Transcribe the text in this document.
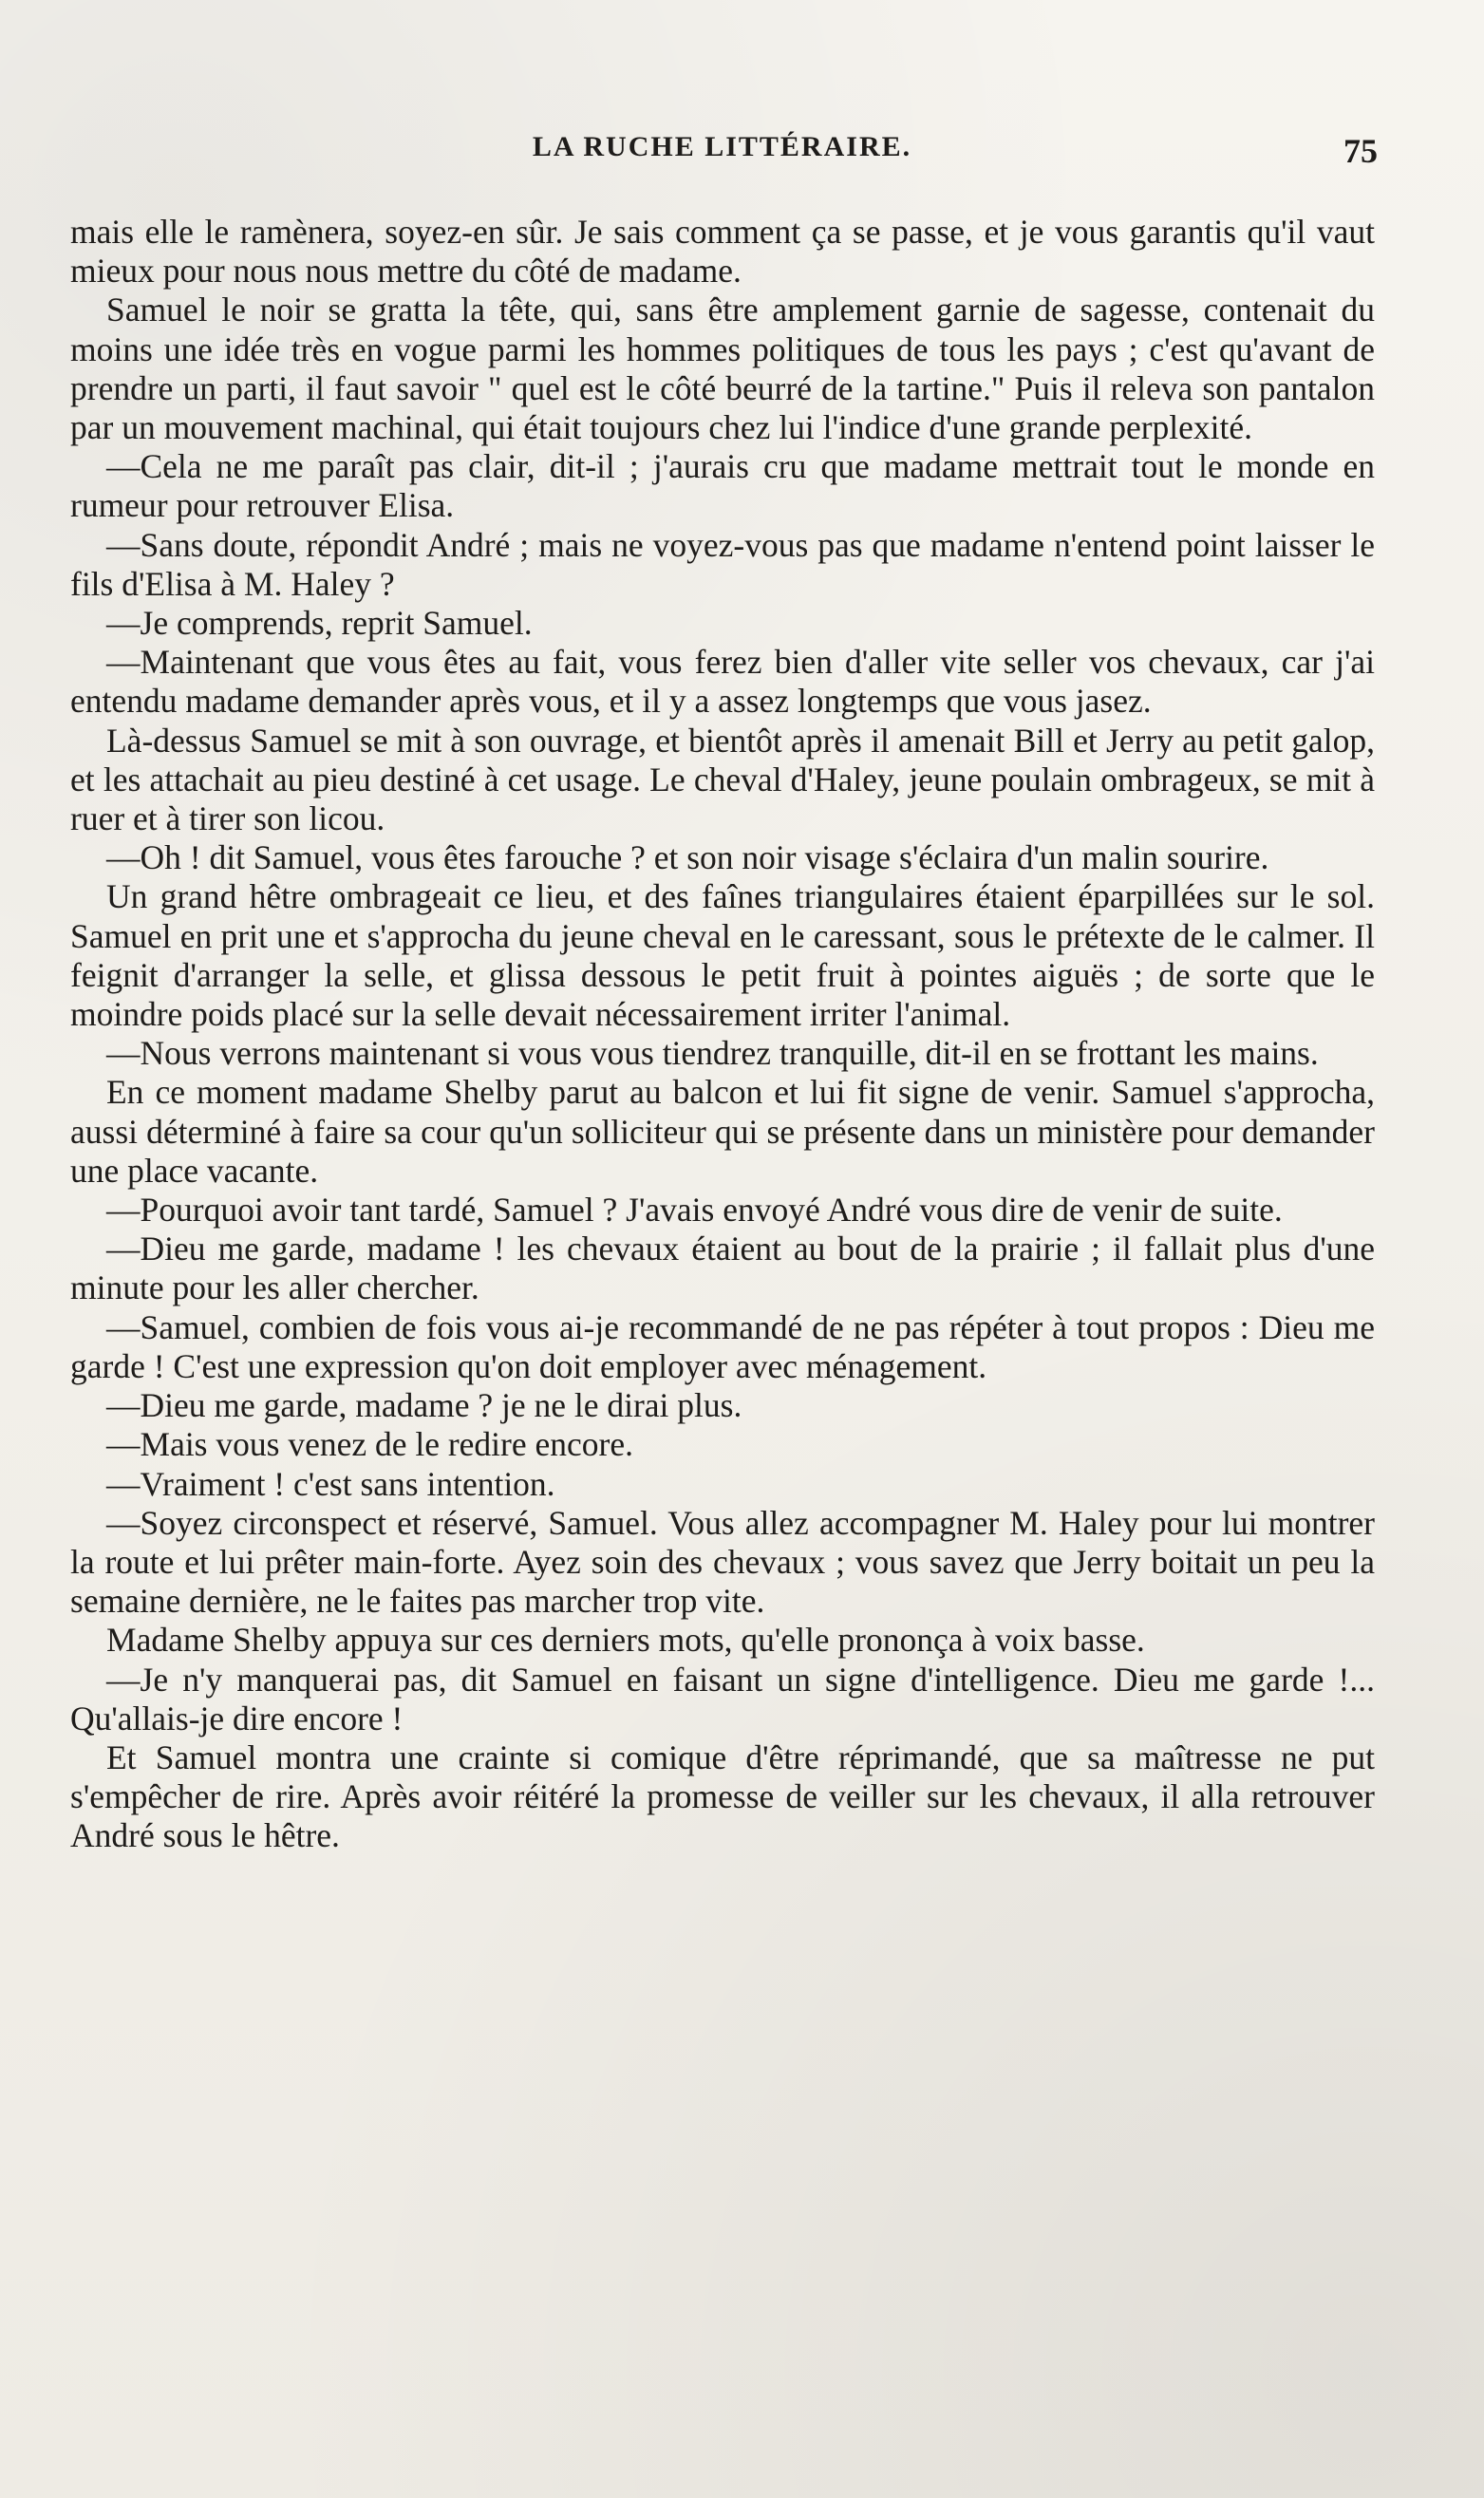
LA RUCHE LITTÉRAIRE.	75

mais elle le ramènera, soyez-en sûr. Je sais comment ça se passe, et je vous garantis qu'il vaut mieux pour nous nous mettre du côté de madame.

Samuel le noir se gratta la tête, qui, sans être amplement garnie de sagesse, contenait du moins une idée très en vogue parmi les hommes politiques de tous les pays ; c'est qu'avant de prendre un parti, il faut savoir " quel est le côté beurré de la tartine." Puis il releva son pantalon par un mouvement machinal, qui était toujours chez lui l'indice d'une grande perplexité.

—Cela ne me paraît pas clair, dit-il ; j'aurais cru que madame mettrait tout le monde en rumeur pour retrouver Elisa.

—Sans doute, répondit André ; mais ne voyez-vous pas que madame n'entend point laisser le fils d'Elisa à M. Haley ?

—Je comprends, reprit Samuel.

—Maintenant que vous êtes au fait, vous ferez bien d'aller vite seller vos chevaux, car j'ai entendu madame demander après vous, et il y a assez longtemps que vous jasez.

Là-dessus Samuel se mit à son ouvrage, et bientôt après il amenait Bill et Jerry au petit galop, et les attachait au pieu destiné à cet usage. Le cheval d'Haley, jeune poulain ombrageux, se mit à ruer et à tirer son licou.

—Oh ! dit Samuel, vous êtes farouche ? et son noir visage s'éclaira d'un malin sourire.

Un grand hêtre ombrageait ce lieu, et des faînes triangulaires étaient éparpillées sur le sol. Samuel en prit une et s'approcha du jeune cheval en le caressant, sous le prétexte de le calmer. Il feignit d'arranger la selle, et glissa dessous le petit fruit à pointes aiguës ; de sorte que le moindre poids placé sur la selle devait nécessairement irriter l'animal.

—Nous verrons maintenant si vous vous tiendrez tranquille, dit-il en se frottant les mains.

En ce moment madame Shelby parut au balcon et lui fit signe de venir. Samuel s'approcha, aussi déterminé à faire sa cour qu'un solliciteur qui se présente dans un ministère pour demander une place vacante.

—Pourquoi avoir tant tardé, Samuel ? J'avais envoyé André vous dire de venir de suite.

—Dieu me garde, madame ! les chevaux étaient au bout de la prairie ; il fallait plus d'une minute pour les aller chercher.

—Samuel, combien de fois vous ai-je recommandé de ne pas répéter à tout propos : Dieu me garde ! C'est une expression qu'on doit employer avec ménagement.

—Dieu me garde, madame ? je ne le dirai plus.

—Mais vous venez de le redire encore.

—Vraiment ! c'est sans intention.

—Soyez circonspect et réservé, Samuel. Vous allez accompagner M. Haley pour lui montrer la route et lui prêter main-forte. Ayez soin des chevaux ; vous savez que Jerry boitait un peu la semaine dernière, ne le faites pas marcher trop vite.

Madame Shelby appuya sur ces derniers mots, qu'elle prononça à voix basse.

—Je n'y manquerai pas, dit Samuel en faisant un signe d'intelligence. Dieu me garde !... Qu'allais-je dire encore !

Et Samuel montra une crainte si comique d'être réprimandé, que sa maîtresse ne put s'empêcher de rire. Après avoir réitéré la promesse de veiller sur les chevaux, il alla retrouver André sous le hêtre.
